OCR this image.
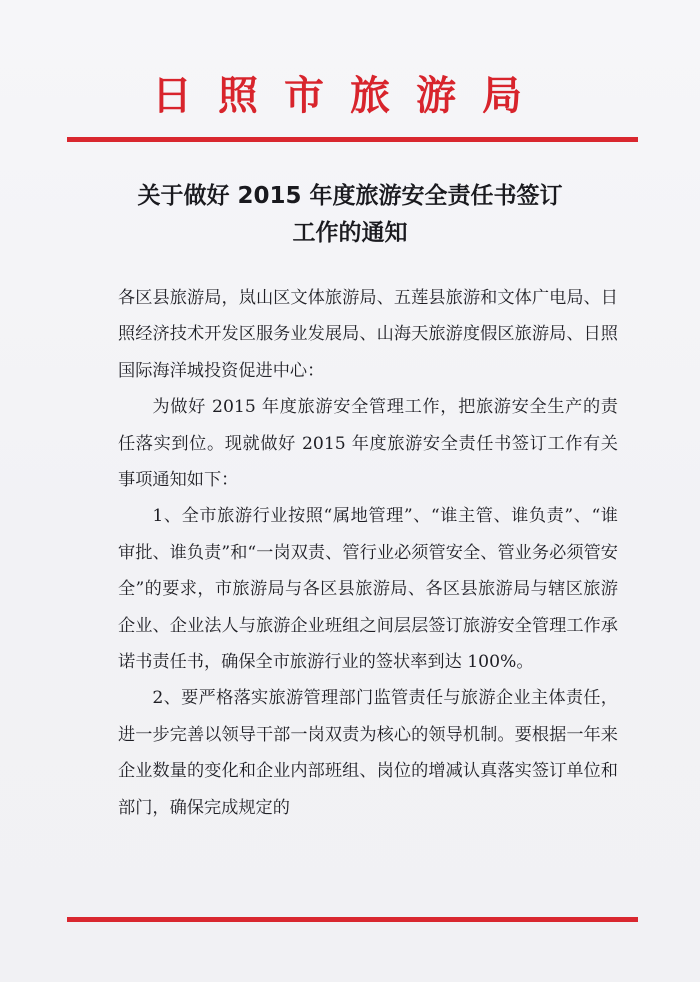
日照市旅游局
关于做好 2015 年度旅游安全责任书签订
工作的通知

各区县旅游局，岚山区文体旅游局、五莲县旅游和文体广电局、日照经济技术开发区服务业发展局、山海天旅游度假区旅游局、日照国际海洋城投资促进中心：

为做好 2015 年度旅游安全管理工作，把旅游安全生产的责任落实到位。现就做好 2015 年度旅游安全责任书签订工作有关事项通知如下：

1、全市旅游行业按照“属地管理”、“谁主管、谁负责”、“谁审批、谁负责”和“一岗双责、管行业必须管安全、管业务必须管安全”的要求，市旅游局与各区县旅游局、各区县旅游局与辖区旅游企业、企业法人与旅游企业班组之间层层签订旅游安全管理工作承诺书责任书，确保全市旅游行业的签状率到达 100%。

2、要严格落实旅游管理部门监管责任与旅游企业主体责任，进一步完善以领导干部一岗双责为核心的领导机制。要根据一年来企业数量的变化和企业内部班组、岗位的增减认真落实签订单位和部门，确保完成规定的
